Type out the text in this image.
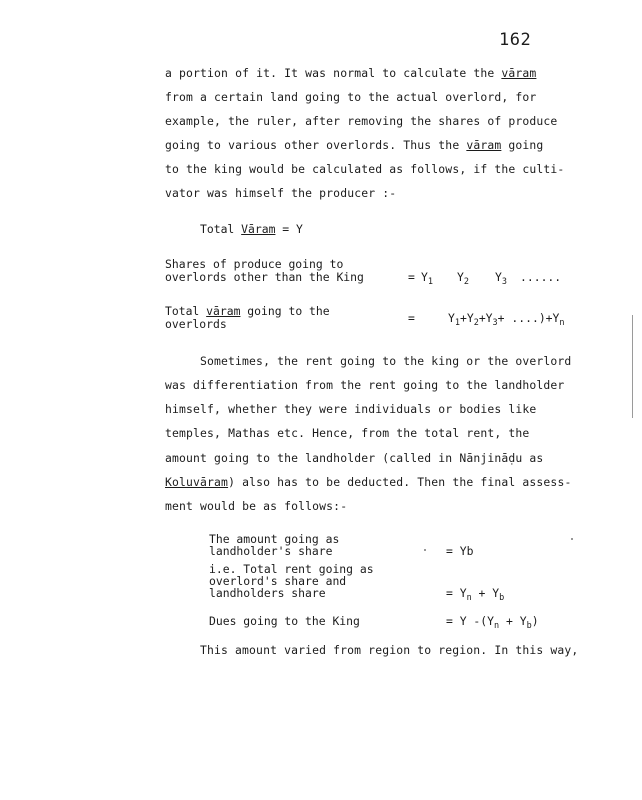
162
a portion of it. It was normal to calculate the vāram
from a certain land going to the actual overlord, for
example, the ruler, after removing the shares of produce
going to various other overlords. Thus the vāram going
to the king would be calculated as follows, if the culti-
vator was himself the producer :-
Total Vāram = Y
Shares of produce going to
overlords other than the King	= $Y_1$ $Y_2$ $Y_3$ ......
Total vāram going to the
overlords	=	$Y_1+Y_2+Y_3+ ....)+Y_n$
Sometimes, the rent going to the king or the overlord
was differentiation from the rent going to the landholder
himself, whether they were individuals or bodies like
temples, Mathas etc. Hence, from the total rent, the
amount going to the landholder (called in Nānjināḍu as
Koluvāram) also has to be deducted. Then the final assess-
ment would be as follows:-
The amount going as
landholder's share	= Yb
i.e. Total rent going as
overlord's share and
landholders share	= $Y_n + Y_b$
Dues going to the King	= Y $-(Y_n + Y_b)$
This amount varied from region to region. In this way,
